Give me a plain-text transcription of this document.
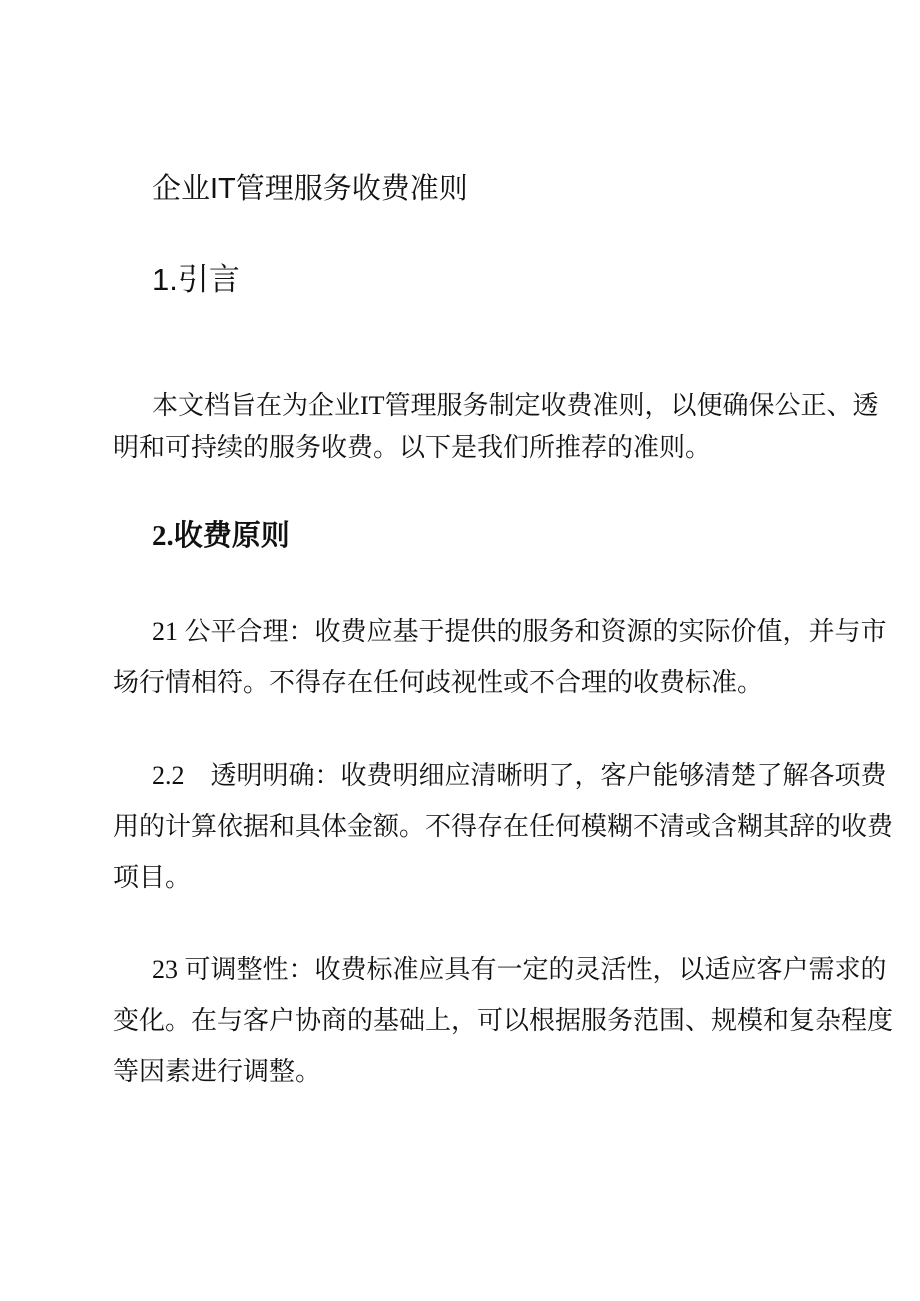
企业IT管理服务收费准则
1.引言
本文档旨在为企业IT管理服务制定收费准则，以便确保公正、透
明和可持续的服务收费。以下是我们所推荐的准则。
2.收费原则
21 公平合理：收费应基于提供的服务和资源的实际价值，并与市
场行情相符。不得存在任何歧视性或不合理的收费标准。
2.2　透明明确：收费明细应清晰明了，客户能够清楚了解各项费
用的计算依据和具体金额。不得存在任何模糊不清或含糊其辞的收费
项目。
23 可调整性：收费标准应具有一定的灵活性，以适应客户需求的
变化。在与客户协商的基础上，可以根据服务范围、规模和复杂程度
等因素进行调整。
